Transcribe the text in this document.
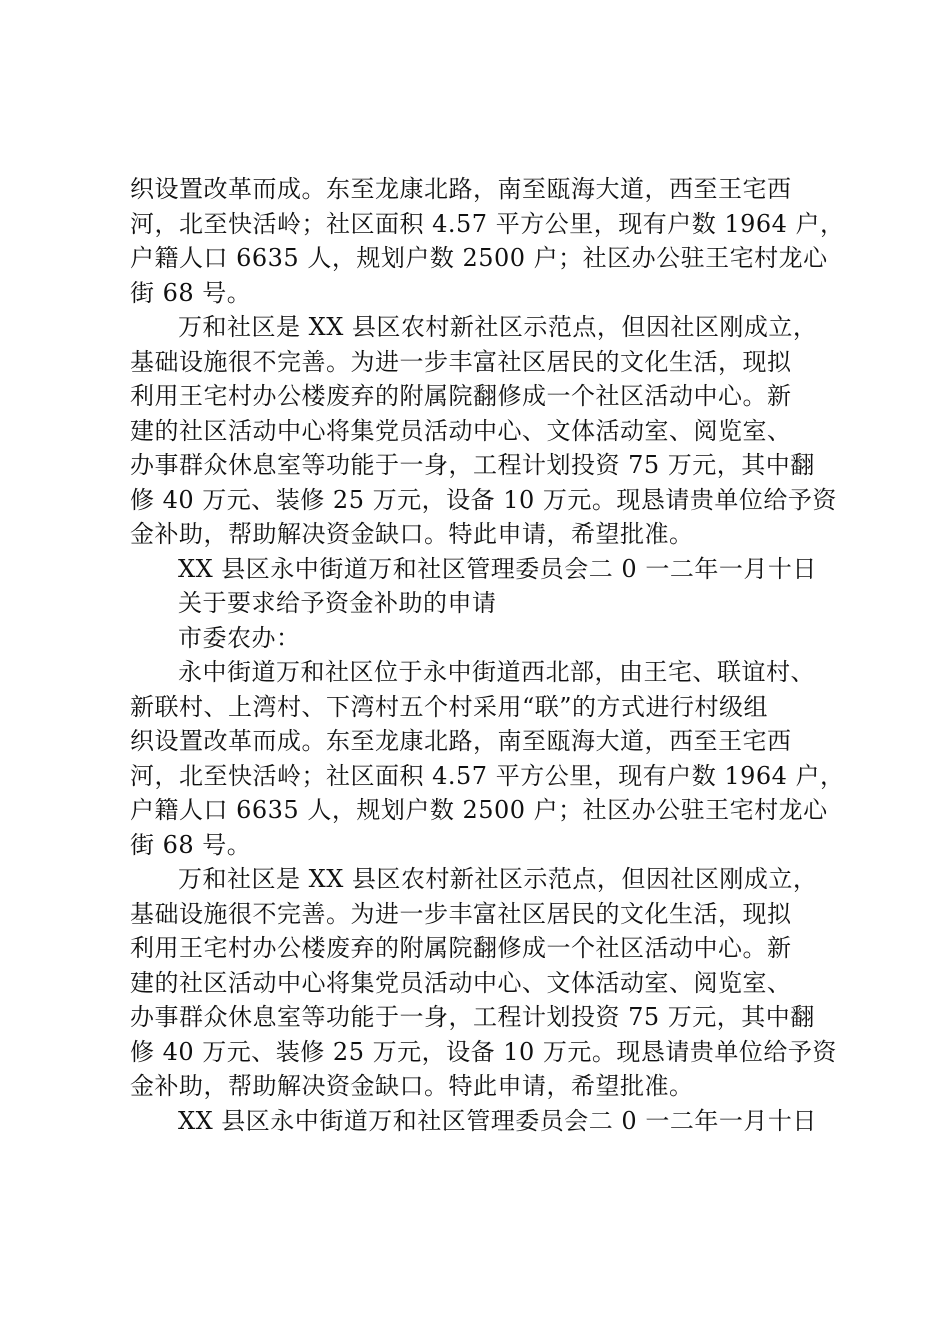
织设置改革而成。东至龙康北路，南至瓯海大道，西至王宅西
河，北至快活岭；社区面积 4.57 平方公里，现有户数 1964 户，
户籍人口 6635 人，规划户数 2500 户；社区办公驻王宅村龙心
街 68 号。
万和社区是 XX 县区农村新社区示范点，但因社区刚成立，
基础设施很不完善。为进一步丰富社区居民的文化生活，现拟
利用王宅村办公楼废弃的附属院翻修成一个社区活动中心。新
建的社区活动中心将集党员活动中心、文体活动室、阅览室、
办事群众休息室等功能于一身，工程计划投资 75 万元，其中翻
修 40 万元、装修 25 万元，设备 10 万元。现恳请贵单位给予资
金补助，帮助解决资金缺口。特此申请，希望批准。
XX 县区永中街道万和社区管理委员会二 0 一二年一月十日
关于要求给予资金补助的申请
市委农办：
永中街道万和社区位于永中街道西北部，由王宅、联谊村、
新联村、上湾村、下湾村五个村采用“联”的方式进行村级组
织设置改革而成。东至龙康北路，南至瓯海大道，西至王宅西
河，北至快活岭；社区面积 4.57 平方公里，现有户数 1964 户，
户籍人口 6635 人，规划户数 2500 户；社区办公驻王宅村龙心
街 68 号。
万和社区是 XX 县区农村新社区示范点，但因社区刚成立，
基础设施很不完善。为进一步丰富社区居民的文化生活，现拟
利用王宅村办公楼废弃的附属院翻修成一个社区活动中心。新
建的社区活动中心将集党员活动中心、文体活动室、阅览室、
办事群众休息室等功能于一身，工程计划投资 75 万元，其中翻
修 40 万元、装修 25 万元，设备 10 万元。现恳请贵单位给予资
金补助，帮助解决资金缺口。特此申请，希望批准。
XX 县区永中街道万和社区管理委员会二 0 一二年一月十日
